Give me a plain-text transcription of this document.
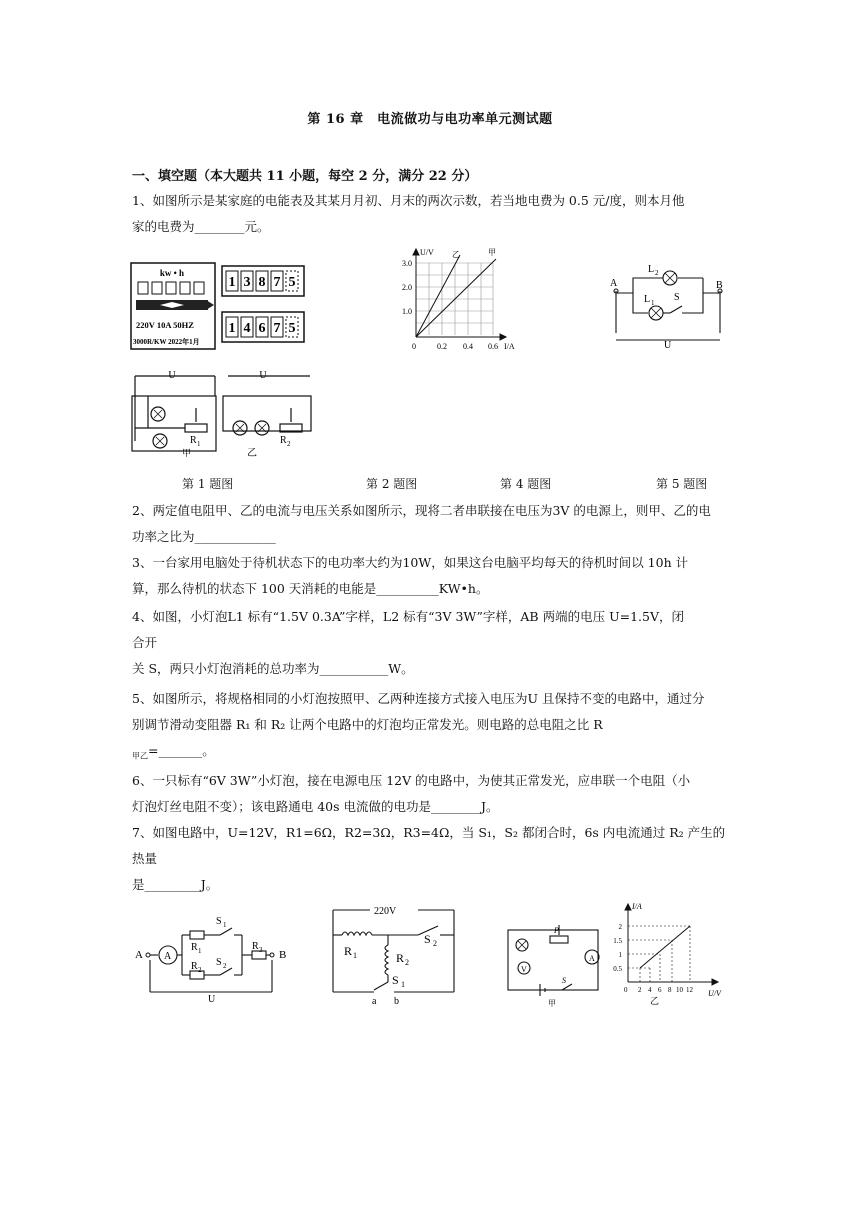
第 16 章　电流做功与电功率单元测试题
一、填空题（本大题共 11 小题，每空 2 分，满分 22 分）
1、如图所示是某家庭的电能表及其某月月初、月末的两次示数，若当地电费为 0.5 元/度，则本月他
家的电费为________元。
kw • h
220V 10A 50HZ
3000R/KW 2022年1月
1 3 8 7 5
1 4 6 7 5
U	U
R 1	R 2
甲	乙
U/V
I/A
3.0
2.0
1.0
0	0.2 0.4 0.6
乙	甲
A	B
L 2
L 1 S
U
第 1 题图	第 2 题图	第 4 题图	第 5 题图
2、两定值电阻甲、乙的电流与电压关系如图所示，现将二者串联接在电压为3V 的电源上，则甲、乙的电
功率之比为_____________
3、一台家用电脑处于待机状态下的电功率大约为10W，如果这台电脑平均每天的待机时间以 10h 计
算，那么待机的状态下 100 天消耗的电能是__________KW•h。
4、如图，小灯泡L1 标有“1.5V 0.3A”字样，L2 标有“3V 3W”字样，AB 两端的电压 U=1.5V，闭
合开
关 S，两只小灯泡消耗的总功率为___________W。
5、如图所示，将规格相同的小灯泡按照甲、乙两种连接方式接入电压为U 且保持不变的电路中，通过分
别调节滑动变阻器 R₁ 和 R₂ 让两个电路中的灯泡均正常发光。则电路的总电阻之比 R
$_{甲乙}$=_______。
6、一只标有“6V 3W”小灯泡，接在电源电压 12V 的电路中，为使其正常发光，应串联一个电阻（小
灯泡灯丝电阻不变）；该电路通电 40s 电流做的电功是________J。
7、如图电路中，U=12V，R1=6Ω，R2=3Ω，R3=4Ω，当 S₁，S₂ 都闭合时，6s 内电流通过 R₂ 产生的
热量
是_________J。
A	B
A
R 1
R 2
R 3
S 1
S 2
U
220V
R 1	R 2
S 2
S 1
a b
V
A
P
S
甲
I/A
U/V
2
1.5
1
0.5
0 2 4 6 8 10 12
乙
